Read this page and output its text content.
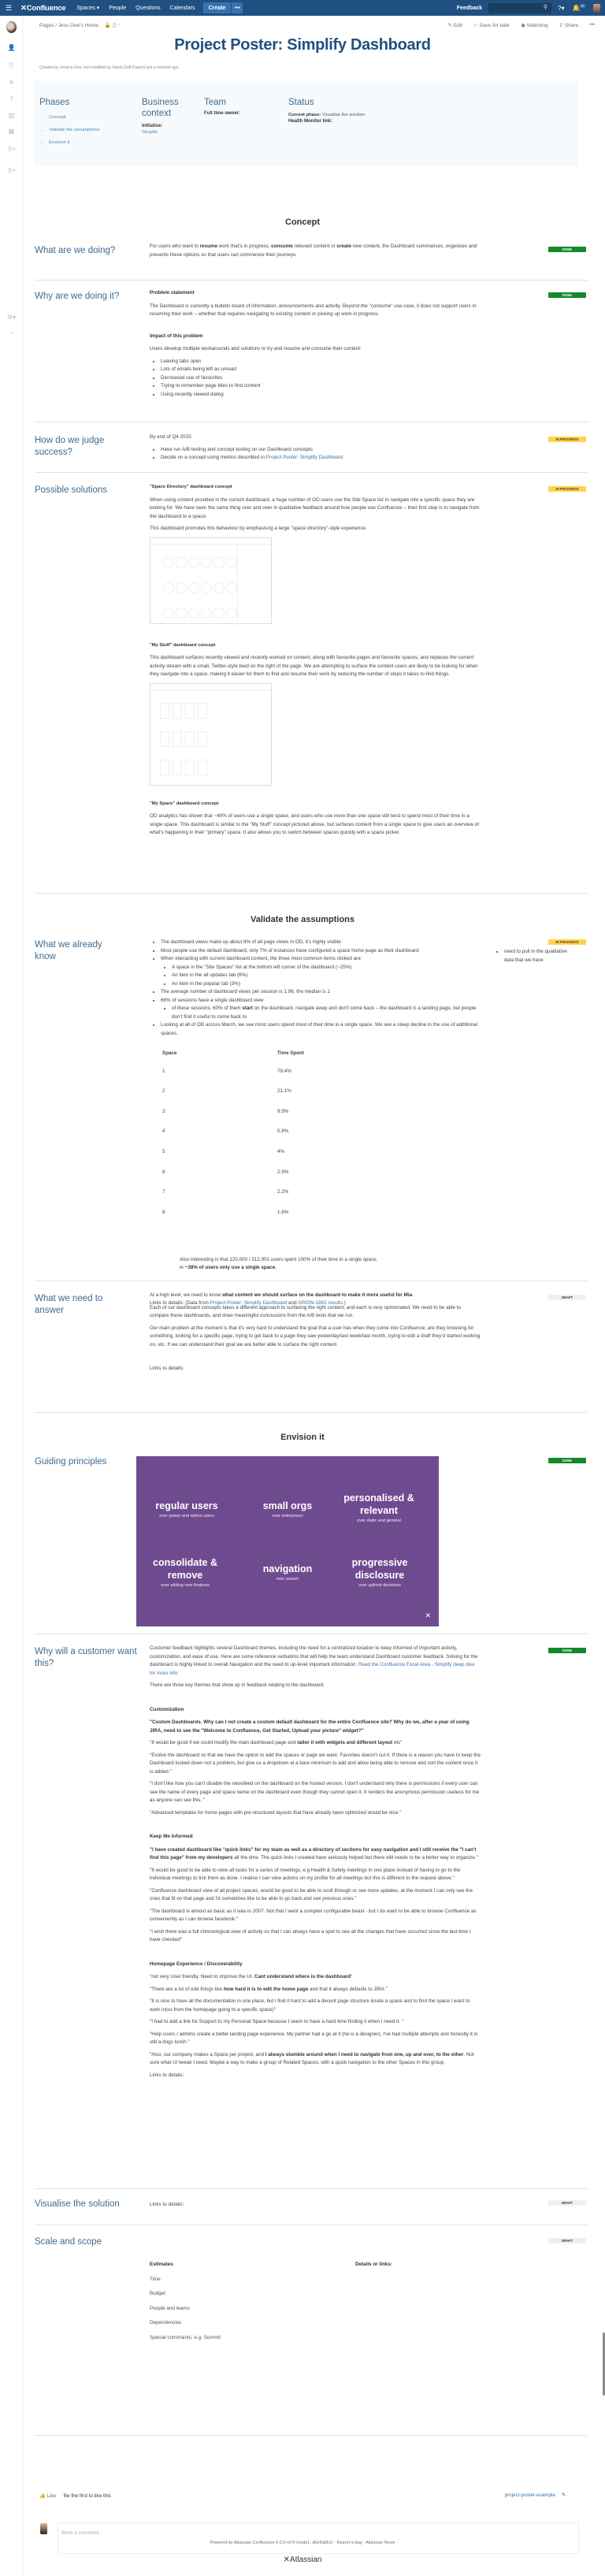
☰ ✕Confluence Spaces ▾ People Questions Calendars	Create	•••	Feedback	⚲ ?▾ 🔔$^{9+}$
👤
⎘
≋
?
▥
▦
⎘▾
⎘▾
⚙▾
»
Pages / Jess Gee's Home 🔓 ⎙ ∿	✎ Edit ☆ Save for later ◉ Watching ⇪ Share •••
Project Poster: Simplify Dashboard
Created by Jessica Gee, last modified by Sarah Goff-Dupont just a moment ago
Phases
• Concept
• Validate the assumptions
• Envision it
Business context
Initiative:
Simplify
Team
Full time owner:
Status
Current phase: Visualise the solution
Health Monitor link:
Concept
What are we doing?	For users who want to resume work that's in progress, consume relevant content or create new content, the Dashboard summarises, organises and presents these options so that users can commence their journeys.

DONE
Why are we doing it?	Problem statement

The Dashboard is currently a bulletin board of information, announcements and activity. Beyond the "consume" use case, it does not support users in resuming their work – whether that requires navigating to existing content or picking up work in progress.

Impact of this problem

Users develop multiple workarounds and solutions to try and resume and consume their content:

• Leaving tabs open
• Lots of emails being left as unread
• Decreased use of favourites
• Trying to remember page titles to find content
• Using recently viewed dialog
DONE
How do we judge success?

By end of Q4 2015:

• Have run A/B testing and concept testing on our Dashboard concepts
• Decide on a concept using metrics described in Project Poster: Simplify Dashboard
IN PROGRESS
Possible solutions	"Space Directory" dashboard concept

When using content provided in the current dashboard, a huge number of OD users use the Site Space list to navigate into a specific space they are looking for. We have seen the same thing over and over in qualitative feedback around how people use Confluence – their first step is to navigate from the dashboard to a space.

This dashboard promotes this behaviour by emphasisng a large "space directory"-style experience.

"My Stuff" dashboard concept

This dashboard surfaces recently viewed and recently worked on content, along with favourite pages and favourite spaces, and replaces the current activity stream with a small, Twitter-style feed on the right of the page. We are attempting to surface the content users are likely to be looking for when they navigate into a space, making it easier for them to find and resume their work by reducing the number of steps it takes to find things.

"My Space" dashboard concept

OD analytics has shown that ~40% of users use a single space, and users who use more than one space still tend to spend most of their time in a single space. This dashboard is similar to the "My Stuff" concept pictured above, but surfaces content from a single space to give users an overview of what's happening in their "primary" space. It also allows you to switch between spaces quickly with a space picker.

IN PROGRESS
Validate the assumptions
What we already know
• The dashboard views make up about 8% of all page views in OD, it's highly visible
• Most people use the default dashboard, only 7% of instances have configured a space home page as their dashboard
• When interacting with current dashboard content, the three most common items clicked are:
• A space in the "Site Spaces" list at the bottom left corner of the dashboard (~25%)
• An item in the all updates tab (6%)
• An item in the popular tab (3%)
• The average number of dashboard views per session is 1.96, the median is 1
• 66% of sessions have a single dashboard view
• of these sessions, 60% of them start on the dashboard, navigate away and don't come back – the dashboard is a landing page, but people don't find it useful to come back to
• Looking at all of OD across March, we see most users spend most of their time in a single space. We see a steep decline in the use of additional spaces.
Space	Time Spent
1	79.4%
2	21.1%
3	9.9%
4	5.8%
5	4%
6	2.9%
7	2.2%
8	1.8%

Also interesting is that 120,000 / 312,901 users spent 100% of their time in a single space,
ie ~38% of users only use a single space.

Links to details: (Data from Project Poster: Simplify Dashboard and GROW-1862 results.)

IN PROGRESS
• need to pull in the qualitative data that we have
What we need to answer

At a high level, we need to know what content we should surface on the dashboard to make it more useful for Mia.

Each of our dashboard concepts takes a different approach to surfacing the right content, and each is very opinionated. We need to be able to compare these dashboards, and draw meaningful conclusions from the A/B tests that we run.

Our main problem at the moment is that it's very hard to understand the goal that a user has when they come into Confluence; are they browsing for something, looking for a specific page, trying to get back to a page they saw yesterday/last week/last month, trying to edit a draft they'd started working on, etc. If we can understand their goal we are better able to surface the right content.

Links to details:

DRAFT
Envision it
Guiding principles	DONE
regular users
over power and admin users
small orgs
over enterprises
personalised & relevant
over static and general
consolidate & remove
over adding new features
navigation
over search
progressive disclosure
over upfront decisions
✕
Why will a customer want this?

Customer feedback highlights several Dashboard themes, including the need for a centralized location to keep informed of important activity, customization, and ease of use. Here are some reference verbatims that will help the team understand Dashboard customer feedback. Solving for the dashboard is highly linked to overall Navigation and the need to up-level important information. Read the Confluence Focal Area - Simplify deep dive for more info

There are three key themes that show up in feedback relating to the dashboard:

Customization

"Custom Dashboards. Why can I not create a custom default dashboard for the entire Confluence site? Why do we, after a year of using JIRA, need to see the "Welcome to Confluence, Get Started, Upload your picture" widget?"

"It would be good if we could modify the main dashboard page and tailor it with widgets and different layout etc"

"Evolve the dashboard so that we have the option to add the spaces or page we want. Favorites doesn't cut it. If there is a reason you have to keep the Dashboard locked down not a problem, but give us a dropdown at a bare minimum to add and allow being able to remove and sort the content once it is added."

"I don't like how you can't disable the newsfeed on the dashboard on the hosted version. I don't understand why there is permissions if every user can see the name of every page and space name on the dashboard even though they cannot open it. It renders the anonymous permission useless for me as anyone can see this. "

"Advanced templates for home pages with pre-structured layouts that have already been optimized would be nice."

Keep Me Informed

"I have created dashboard like "quick links" for my team as well as a directory of sections for easy navigation and I still receive the "I can't find this page" from my developers all the time. The quick links I created have seriously helped but there still needs to be a better way to organize."

"It would be good to be able to view all tasks for a series of meetings, e.g Health & Safety meetings in one place instead of having to go to the individual meetings to tick them as done. I realise I can view actions on my profile for all meetings but this is different to the request above."

"Confluence dashboard view of all project spaces, would be good to be able to scoll through or see more updates, at the moment I can only see the ones that fit on that page and I'd sometimes like to be able to go back and see previous ones."

"The dashboard is almost as basic as it was in 2007. Not that I want a complex configurable beast - but I do want to be able to browse Confluence as conveniently as I can browse facebook."

"I wish there was a full chronological view of activity so that I can always have a spot to see all the changes that have occurred since the last time I have checked"

Homepage Experience / Discoverability

"not very User friendly. Need to improve the UI. Cant understand where is the dashboard"

"There are a lot of odd things like how hard it is to edit the home page and that it always defaults to JIRA "

"It is nice to have all the documentation in one place, but i find it hard to add a decent page structure inside a space and to find the space i want to work in(so from the homepage going to a specific space)"

"I had to add a link for Support to my Personal Space because I seem to have a hard time finding it when I need it. "

"Help users / admins create a better landing page experience. My partner had a go at it (he is a designer), I've had multiple attempts and honestly it is still a dogs lunch."

"Also, our company makes a Space per project, and I always stumble around when I need to navigate from one, up and over, to the other. Not sure what UI tweak I need. Maybe a way to make a group of Related Spaces, with a quick navigation to the other Spaces in this group.

Links to details:

DONE
Visualise the solution	Links to details:	DRAFT
Scale and scope	DRAFT
Estimates
Time
Budget
People and teams
Dependencies
Special constraints, e.g. Summit
Details or links:
👍 Like Be the first to like this	project-poster-example ✎
Write a comment...
Powered by Atlassian Confluence 6.0.0-m70 (node1: d6e9a8b1) · Report a bug · Atlassian News
✕Atlassian
